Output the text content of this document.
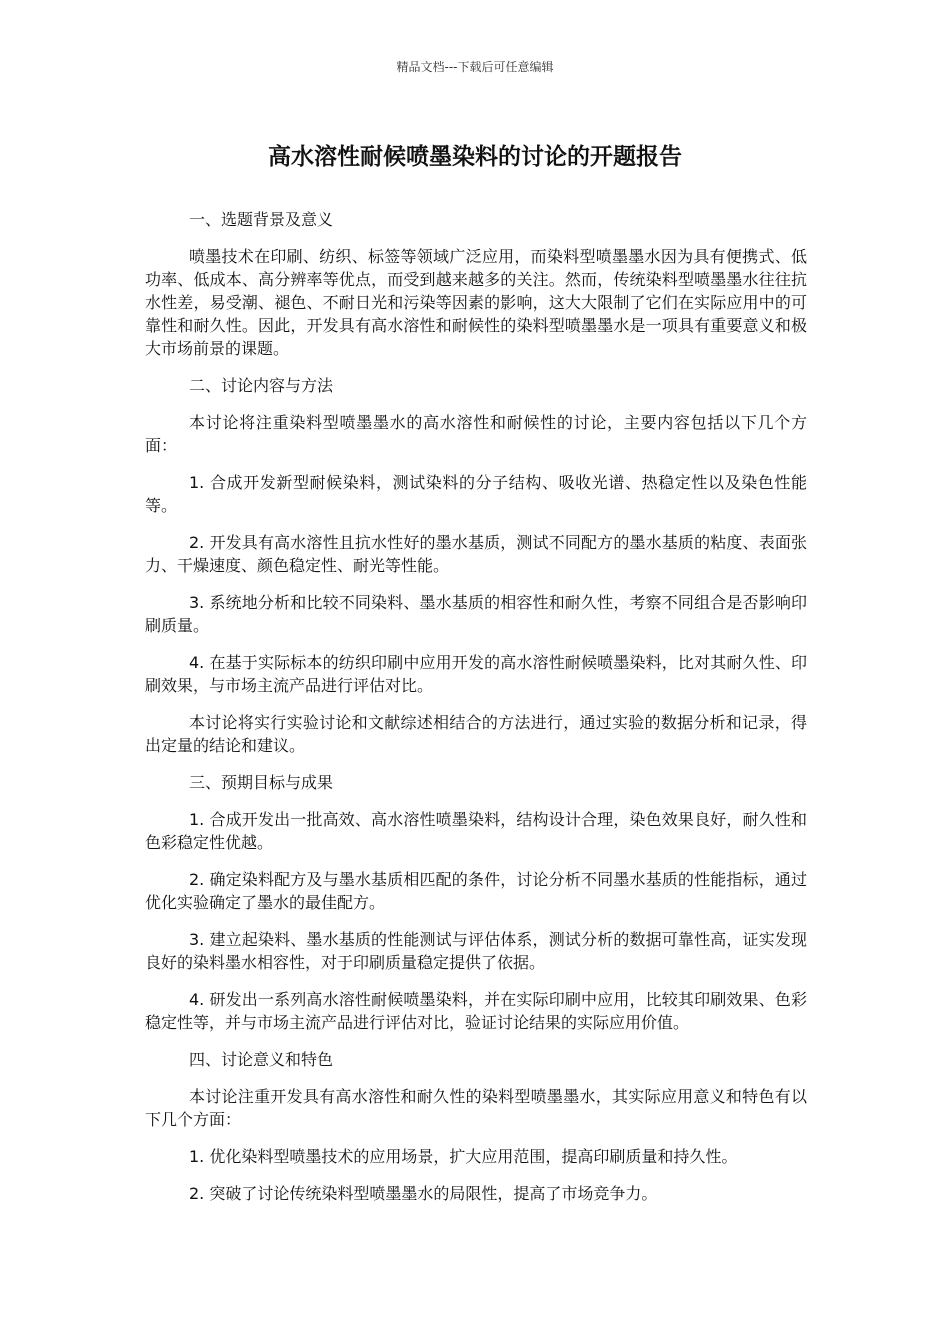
精品文档---下载后可任意编辑
高水溶性耐候喷墨染料的讨论的开题报告
一、选题背景及意义
喷墨技术在印刷、纺织、标签等领域广泛应用，而染料型喷墨墨水因为具有便携式、低功率、低成本、高分辨率等优点，而受到越来越多的关注。然而，传统染料型喷墨墨水往往抗水性差，易受潮、褪色、不耐日光和污染等因素的影响，这大大限制了它们在实际应用中的可靠性和耐久性。因此，开发具有高水溶性和耐候性的染料型喷墨墨水是一项具有重要意义和极大市场前景的课题。
二、讨论内容与方法
本讨论将注重染料型喷墨墨水的高水溶性和耐候性的讨论，主要内容包括以下几个方面：
1. 合成开发新型耐候染料，测试染料的分子结构、吸收光谱、热稳定性以及染色性能等。
2. 开发具有高水溶性且抗水性好的墨水基质，测试不同配方的墨水基质的粘度、表面张力、干燥速度、颜色稳定性、耐光等性能。
3. 系统地分析和比较不同染料、墨水基质的相容性和耐久性，考察不同组合是否影响印刷质量。
4. 在基于实际标本的纺织印刷中应用开发的高水溶性耐候喷墨染料，比对其耐久性、印刷效果，与市场主流产品进行评估对比。
本讨论将实行实验讨论和文献综述相结合的方法进行，通过实验的数据分析和记录，得出定量的结论和建议。
三、预期目标与成果
1. 合成开发出一批高效、高水溶性喷墨染料，结构设计合理，染色效果良好，耐久性和色彩稳定性优越。
2. 确定染料配方及与墨水基质相匹配的条件，讨论分析不同墨水基质的性能指标，通过优化实验确定了墨水的最佳配方。
3. 建立起染料、墨水基质的性能测试与评估体系，测试分析的数据可靠性高，证实发现良好的染料墨水相容性，对于印刷质量稳定提供了依据。
4. 研发出一系列高水溶性耐候喷墨染料，并在实际印刷中应用，比较其印刷效果、色彩稳定性等，并与市场主流产品进行评估对比，验证讨论结果的实际应用价值。
四、讨论意义和特色
本讨论注重开发具有高水溶性和耐久性的染料型喷墨墨水，其实际应用意义和特色有以下几个方面：
1. 优化染料型喷墨技术的应用场景，扩大应用范围，提高印刷质量和持久性。
2. 突破了讨论传统染料型喷墨墨水的局限性，提高了市场竞争力。
